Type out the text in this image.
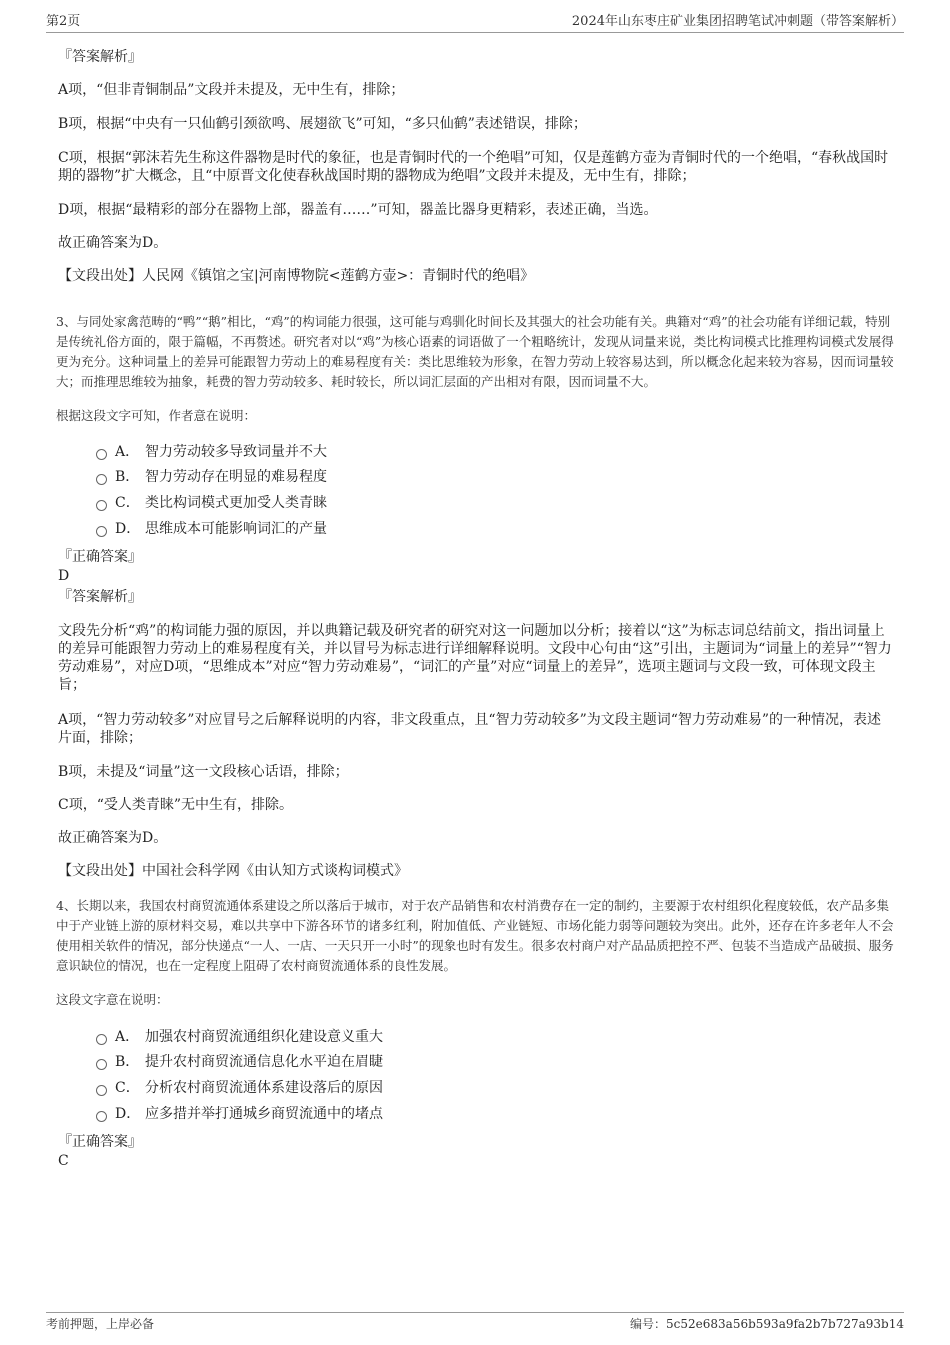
第2页	2024年山东枣庄矿业集团招聘笔试冲刺题（带答案解析）
『答案解析』
A项，“但非青铜制品”文段并未提及，无中生有，排除；
B项，根据“中央有一只仙鹤引颈欲鸣、展翅欲飞”可知，“多只仙鹤”表述错误，排除；
C项，根据“郭沫若先生称这件器物是时代的象征，也是青铜时代的一个绝唱”可知，仅是莲鹤方壶为青铜时代的一个绝唱，“春秋战国时期的器物”扩大概念，且“中原晋文化使春秋战国时期的器物成为绝唱”文段并未提及，无中生有，排除；
D项，根据“最精彩的部分在器物上部，器盖有……”可知，器盖比器身更精彩，表述正确，当选。
故正确答案为D。
【文段出处】人民网《镇馆之宝|河南博物院<莲鹤方壶>：青铜时代的绝唱》
3、与同处家禽范畴的“鸭”“鹅”相比，“鸡”的构词能力很强，这可能与鸡驯化时间长及其强大的社会功能有关。典籍对“鸡”的社会功能有详细记载，特别是传统礼俗方面的，限于篇幅，不再赘述。研究者对以“鸡”为核心语素的词语做了一个粗略统计，发现从词量来说，类比构词模式比推理构词模式发展得更为充分。这种词量上的差异可能跟智力劳动上的难易程度有关：类比思维较为形象，在智力劳动上较容易达到，所以概念化起来较为容易，因而词量较大；而推理思维较为抽象，耗费的智力劳动较多、耗时较长，所以词汇层面的产出相对有限，因而词量不大。
根据这段文字可知，作者意在说明：
A． 智力劳动较多导致词量并不大
B． 智力劳动存在明显的难易程度
C． 类比构词模式更加受人类青睐
D． 思维成本可能影响词汇的产量
『正确答案』
D
『答案解析』
文段先分析“鸡”的构词能力强的原因，并以典籍记载及研究者的研究对这一问题加以分析；接着以“这”为标志词总结前文，指出词量上的差异可能跟智力劳动上的难易程度有关，并以冒号为标志进行详细解释说明。文段中心句由“这”引出，主题词为“词量上的差异”“智力劳动难易”，对应D项，“思维成本”对应“智力劳动难易”，“词汇的产量”对应“词量上的差异”，选项主题词与文段一致，可体现文段主旨；
A项，“智力劳动较多”对应冒号之后解释说明的内容，非文段重点，且“智力劳动较多”为文段主题词“智力劳动难易”的一种情况，表述片面，排除；
B项，未提及“词量”这一文段核心话语，排除；
C项，“受人类青睐”无中生有，排除。
故正确答案为D。
【文段出处】中国社会科学网《由认知方式谈构词模式》
4、长期以来，我国农村商贸流通体系建设之所以落后于城市，对于农产品销售和农村消费存在一定的制约，主要源于农村组织化程度较低，农产品多集中于产业链上游的原材料交易，难以共享中下游各环节的诸多红利，附加值低、产业链短、市场化能力弱等问题较为突出。此外，还存在许多老年人不会使用相关软件的情况，部分快递点“一人、一店、一天只开一小时”的现象也时有发生。很多农村商户对产品品质把控不严、包装不当造成产品破损、服务意识缺位的情况，也在一定程度上阻碍了农村商贸流通体系的良性发展。
这段文字意在说明：
A． 加强农村商贸流通组织化建设意义重大
B． 提升农村商贸流通信息化水平迫在眉睫
C． 分析农村商贸流通体系建设落后的原因
D． 应多措并举打通城乡商贸流通中的堵点
『正确答案』
C
考前押题，上岸必备	编号：5c52e683a56b593a9fa2b7b727a93b14
